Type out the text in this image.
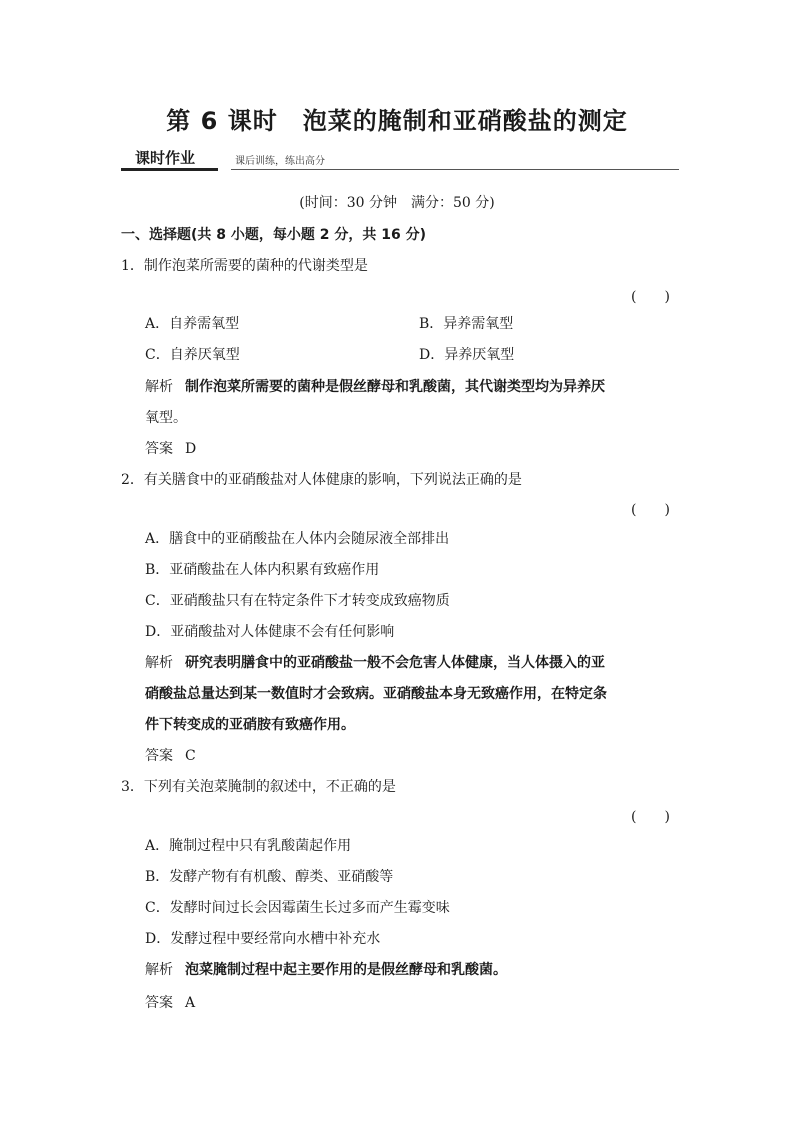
第 6 课时　泡菜的腌制和亚硝酸盐的测定
课时作业	课后训练，练出高分
(时间：30 分钟　满分：50 分)
一、选择题(共 8 小题，每小题 2 分，共 16 分)
1．制作泡菜所需要的菌种的代谢类型是
(　　)
A．自养需氧型	B．异养需氧型
C．自养厌氧型	D．异养厌氧型
解析 制作泡菜所需要的菌种是假丝酵母和乳酸菌，其代谢类型均为异养厌
氧型。
答案 D
2．有关膳食中的亚硝酸盐对人体健康的影响，下列说法正确的是
(　　)
A．膳食中的亚硝酸盐在人体内会随尿液全部排出
B．亚硝酸盐在人体内积累有致癌作用
C．亚硝酸盐只有在特定条件下才转变成致癌物质
D．亚硝酸盐对人体健康不会有任何影响
解析 研究表明膳食中的亚硝酸盐一般不会危害人体健康，当人体摄入的亚
硝酸盐总量达到某一数值时才会致病。亚硝酸盐本身无致癌作用，在特定条
件下转变成的亚硝胺有致癌作用。
答案 C
3．下列有关泡菜腌制的叙述中，不正确的是
(　　)
A．腌制过程中只有乳酸菌起作用
B．发酵产物有有机酸、醇类、亚硝酸等
C．发酵时间过长会因霉菌生长过多而产生霉变味
D．发酵过程中要经常向水槽中补充水
解析 泡菜腌制过程中起主要作用的是假丝酵母和乳酸菌。
答案 A
